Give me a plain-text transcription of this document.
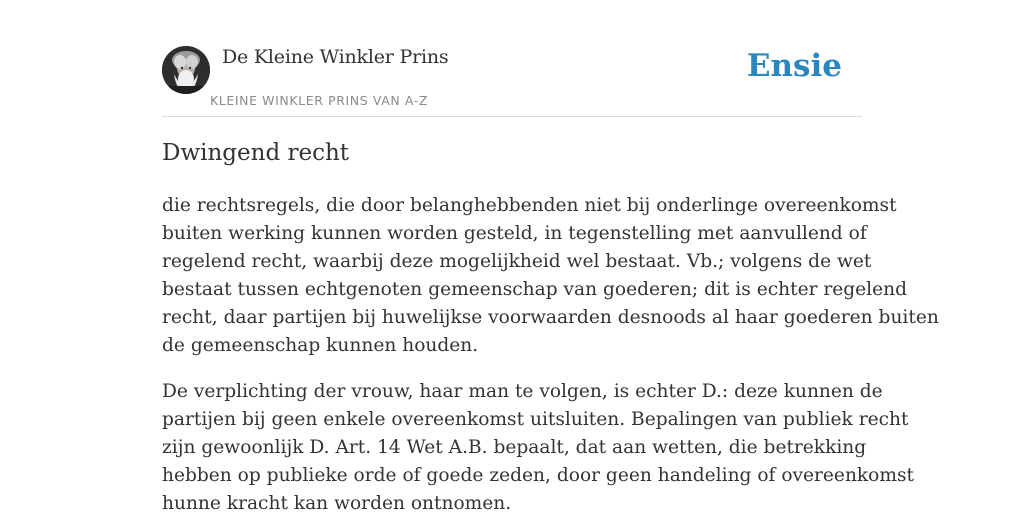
De Kleine Winkler Prins
KLEINE WINKLER PRINS VAN A-Z
Ensie
Dwingend recht

die rechtsregels, die door belanghebbenden niet bij onderlinge overeenkomst
buiten werking kunnen worden gesteld, in tegenstelling met aanvullend of
regelend recht, waarbij deze mogelijkheid wel bestaat. Vb.; volgens de wet
bestaat tussen echtgenoten gemeenschap van goederen; dit is echter regelend
recht, daar partijen bij huwelijkse voorwaarden desnoods al haar goederen buiten
de gemeenschap kunnen houden.

De verplichting der vrouw, haar man te volgen, is echter D.: deze kunnen de
partijen bij geen enkele overeenkomst uitsluiten. Bepalingen van publiek recht
zijn gewoonlijk D. Art. 14 Wet A.B. bepaalt, dat aan wetten, die betrekking
hebben op publieke orde of goede zeden, door geen handeling of overeenkomst
hunne kracht kan worden ontnomen.
